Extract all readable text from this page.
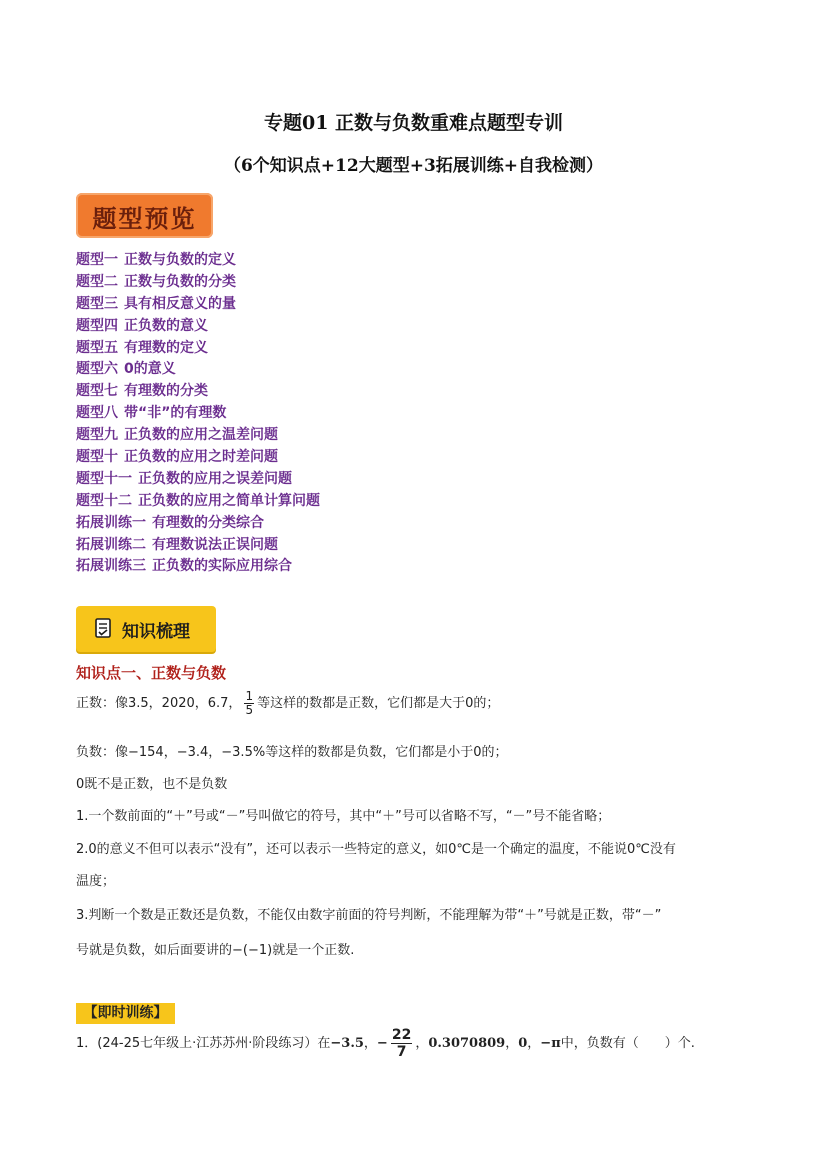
专题01 正数与负数重难点题型专训
（6个知识点+12大题型+3拓展训练+自我检测）
题型预览
题型一 正数与负数的定义
题型二 正数与负数的分类
题型三 具有相反意义的量
题型四 正负数的意义
题型五 有理数的定义
题型六 0的意义
题型七 有理数的分类
题型八 带“非”的有理数
题型九 正负数的应用之温差问题
题型十 正负数的应用之时差问题
题型十一 正负数的应用之误差问题
题型十二 正负数的应用之简单计算问题
拓展训练一 有理数的分类综合
拓展训练二 有理数说法正误问题
拓展训练三 正负数的实际应用综合
知识梳理
知识点一、正数与负数
正数：像3.5，2020，6.7， $\frac{1}{5}$ 等这样的数都是正数，它们都是大于0的；
负数：像−154，−3.4，−3.5%等这样的数都是负数，它们都是小于0的；
0既不是正数，也不是负数
1.一个数前面的“＋”号或“－”号叫做它的符号，其中“＋”号可以省略不写，“－”号不能省略；
2.0的意义不但可以表示“没有”，还可以表示一些特定的意义，如0℃是一个确定的温度，不能说0℃没有
温度；
3.判断一个数是正数还是负数，不能仅由数字前面的符号判断，不能理解为带“＋”号就是正数，带“－”
号就是负数，如后面要讲的−(−1)就是一个正数.
【即时训练】
1．(24-25七年级上·江苏苏州·阶段练习）在−3.5，− $\frac{22}{7}$ ，0.3070809，0，−π中，负数有（　　）个.
